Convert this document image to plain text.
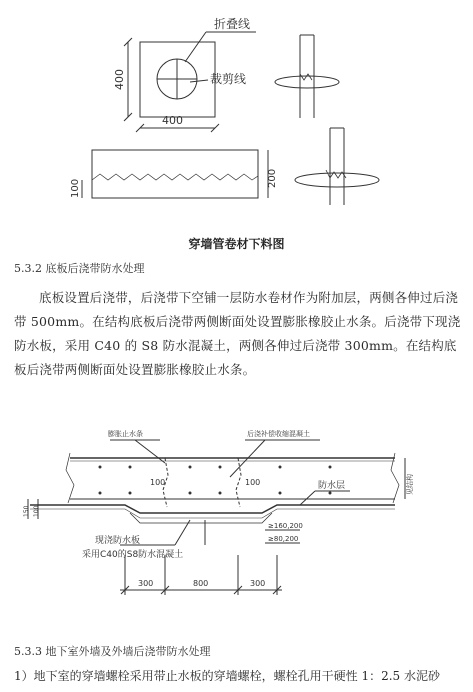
折叠线
裁剪线
400
400
100
200
穿墙管卷材下料图
5.3.2 底板后浇带防水处理
底板设置后浇带，后浇带下空铺一层防水卷材作为附加层，两侧各伸过后浇带 500mm。在结构底板后浇带两侧断面处设置膨胀橡胶止水条。后浇带下现浇防水板，采用 C40 的 S8 防水混凝土，两侧各伸过后浇带 300mm。在结构底板后浇带两侧断面处设置膨胀橡胶止水条。
膨胀止水条	后浇补偿收缩混凝土
100	100
100
150
防水层	见结构
≥160,200
≥80,200
现浇防水板
采用C40的S8防水混凝土
300	800	300
5.3.3 地下室外墙及外墙后浇带防水处理
1）地下室的穿墙螺栓采用带止水板的穿墙螺栓，螺栓孔用干硬性 1：2.5 水泥砂
